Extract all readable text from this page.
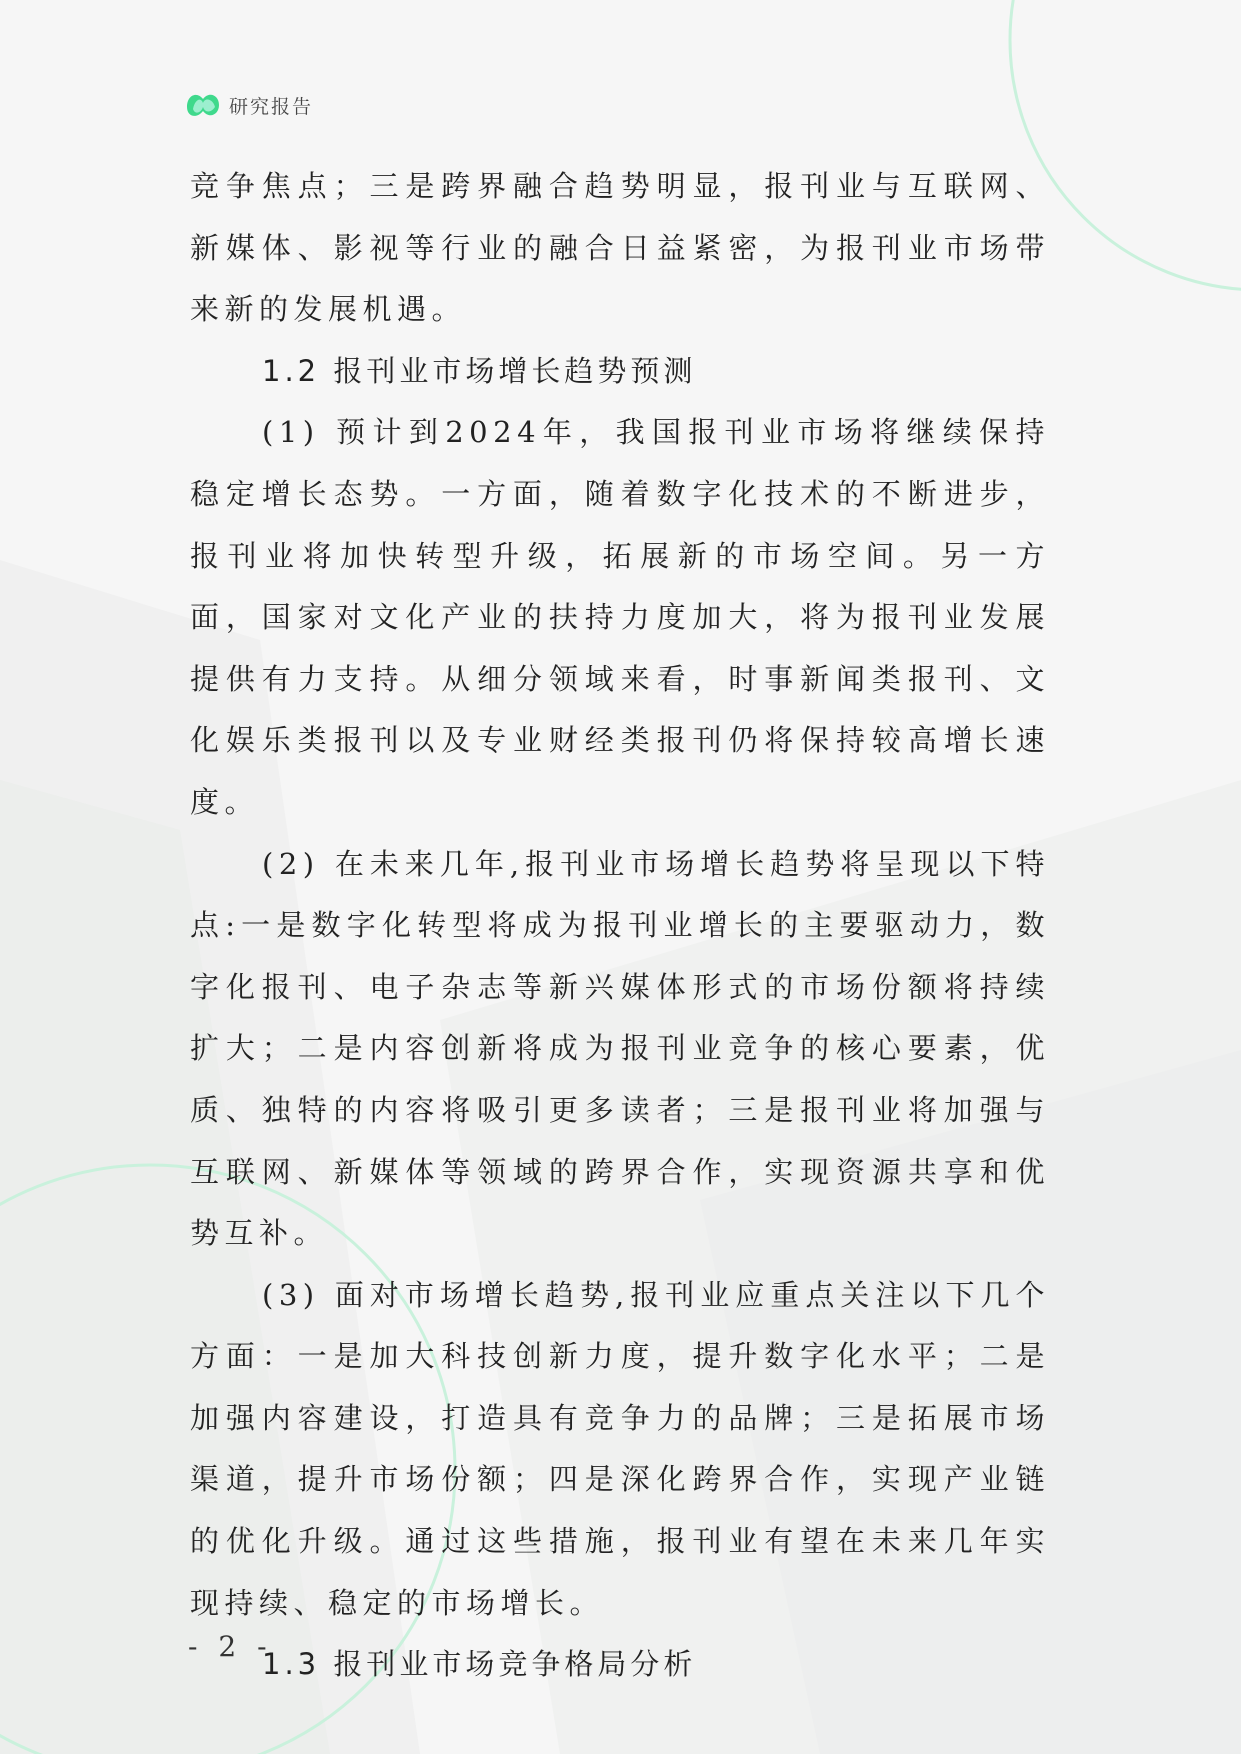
研究报告

竞争焦点；三是跨界融合趋势明显，报刊业与互联网、新媒体、影视等行业的融合日益紧密，为报刊业市场带来新的发展机遇。

1.2 报刊业市场增长趋势预测

(1) 预计到2024年，我国报刊业市场将继续保持稳定增长态势。一方面，随着数字化技术的不断进步，报刊业将加快转型升级，拓展新的市场空间。另一方面，国家对文化产业的扶持力度加大，将为报刊业发展提供有力支持。从细分领域来看，时事新闻类报刊、文化娱乐类报刊以及专业财经类报刊仍将保持较高增长速度。

(2) 在未来几年,报刊业市场增长趋势将呈现以下特点:一是数字化转型将成为报刊业增长的主要驱动力，数字化报刊、电子杂志等新兴媒体形式的市场份额将持续扩大；二是内容创新将成为报刊业竞争的核心要素，优质、独特的内容将吸引更多读者；三是报刊业将加强与互联网、新媒体等领域的跨界合作，实现资源共享和优势互补。

(3) 面对市场增长趋势,报刊业应重点关注以下几个方面：一是加大科技创新力度，提升数字化水平；二是加强内容建设，打造具有竞争力的品牌；三是拓展市场渠道，提升市场份额；四是深化跨界合作，实现产业链的优化升级。通过这些措施，报刊业有望在未来几年实现持续、稳定的市场增长。

1.3 报刊业市场竞争格局分析

- 2 -
